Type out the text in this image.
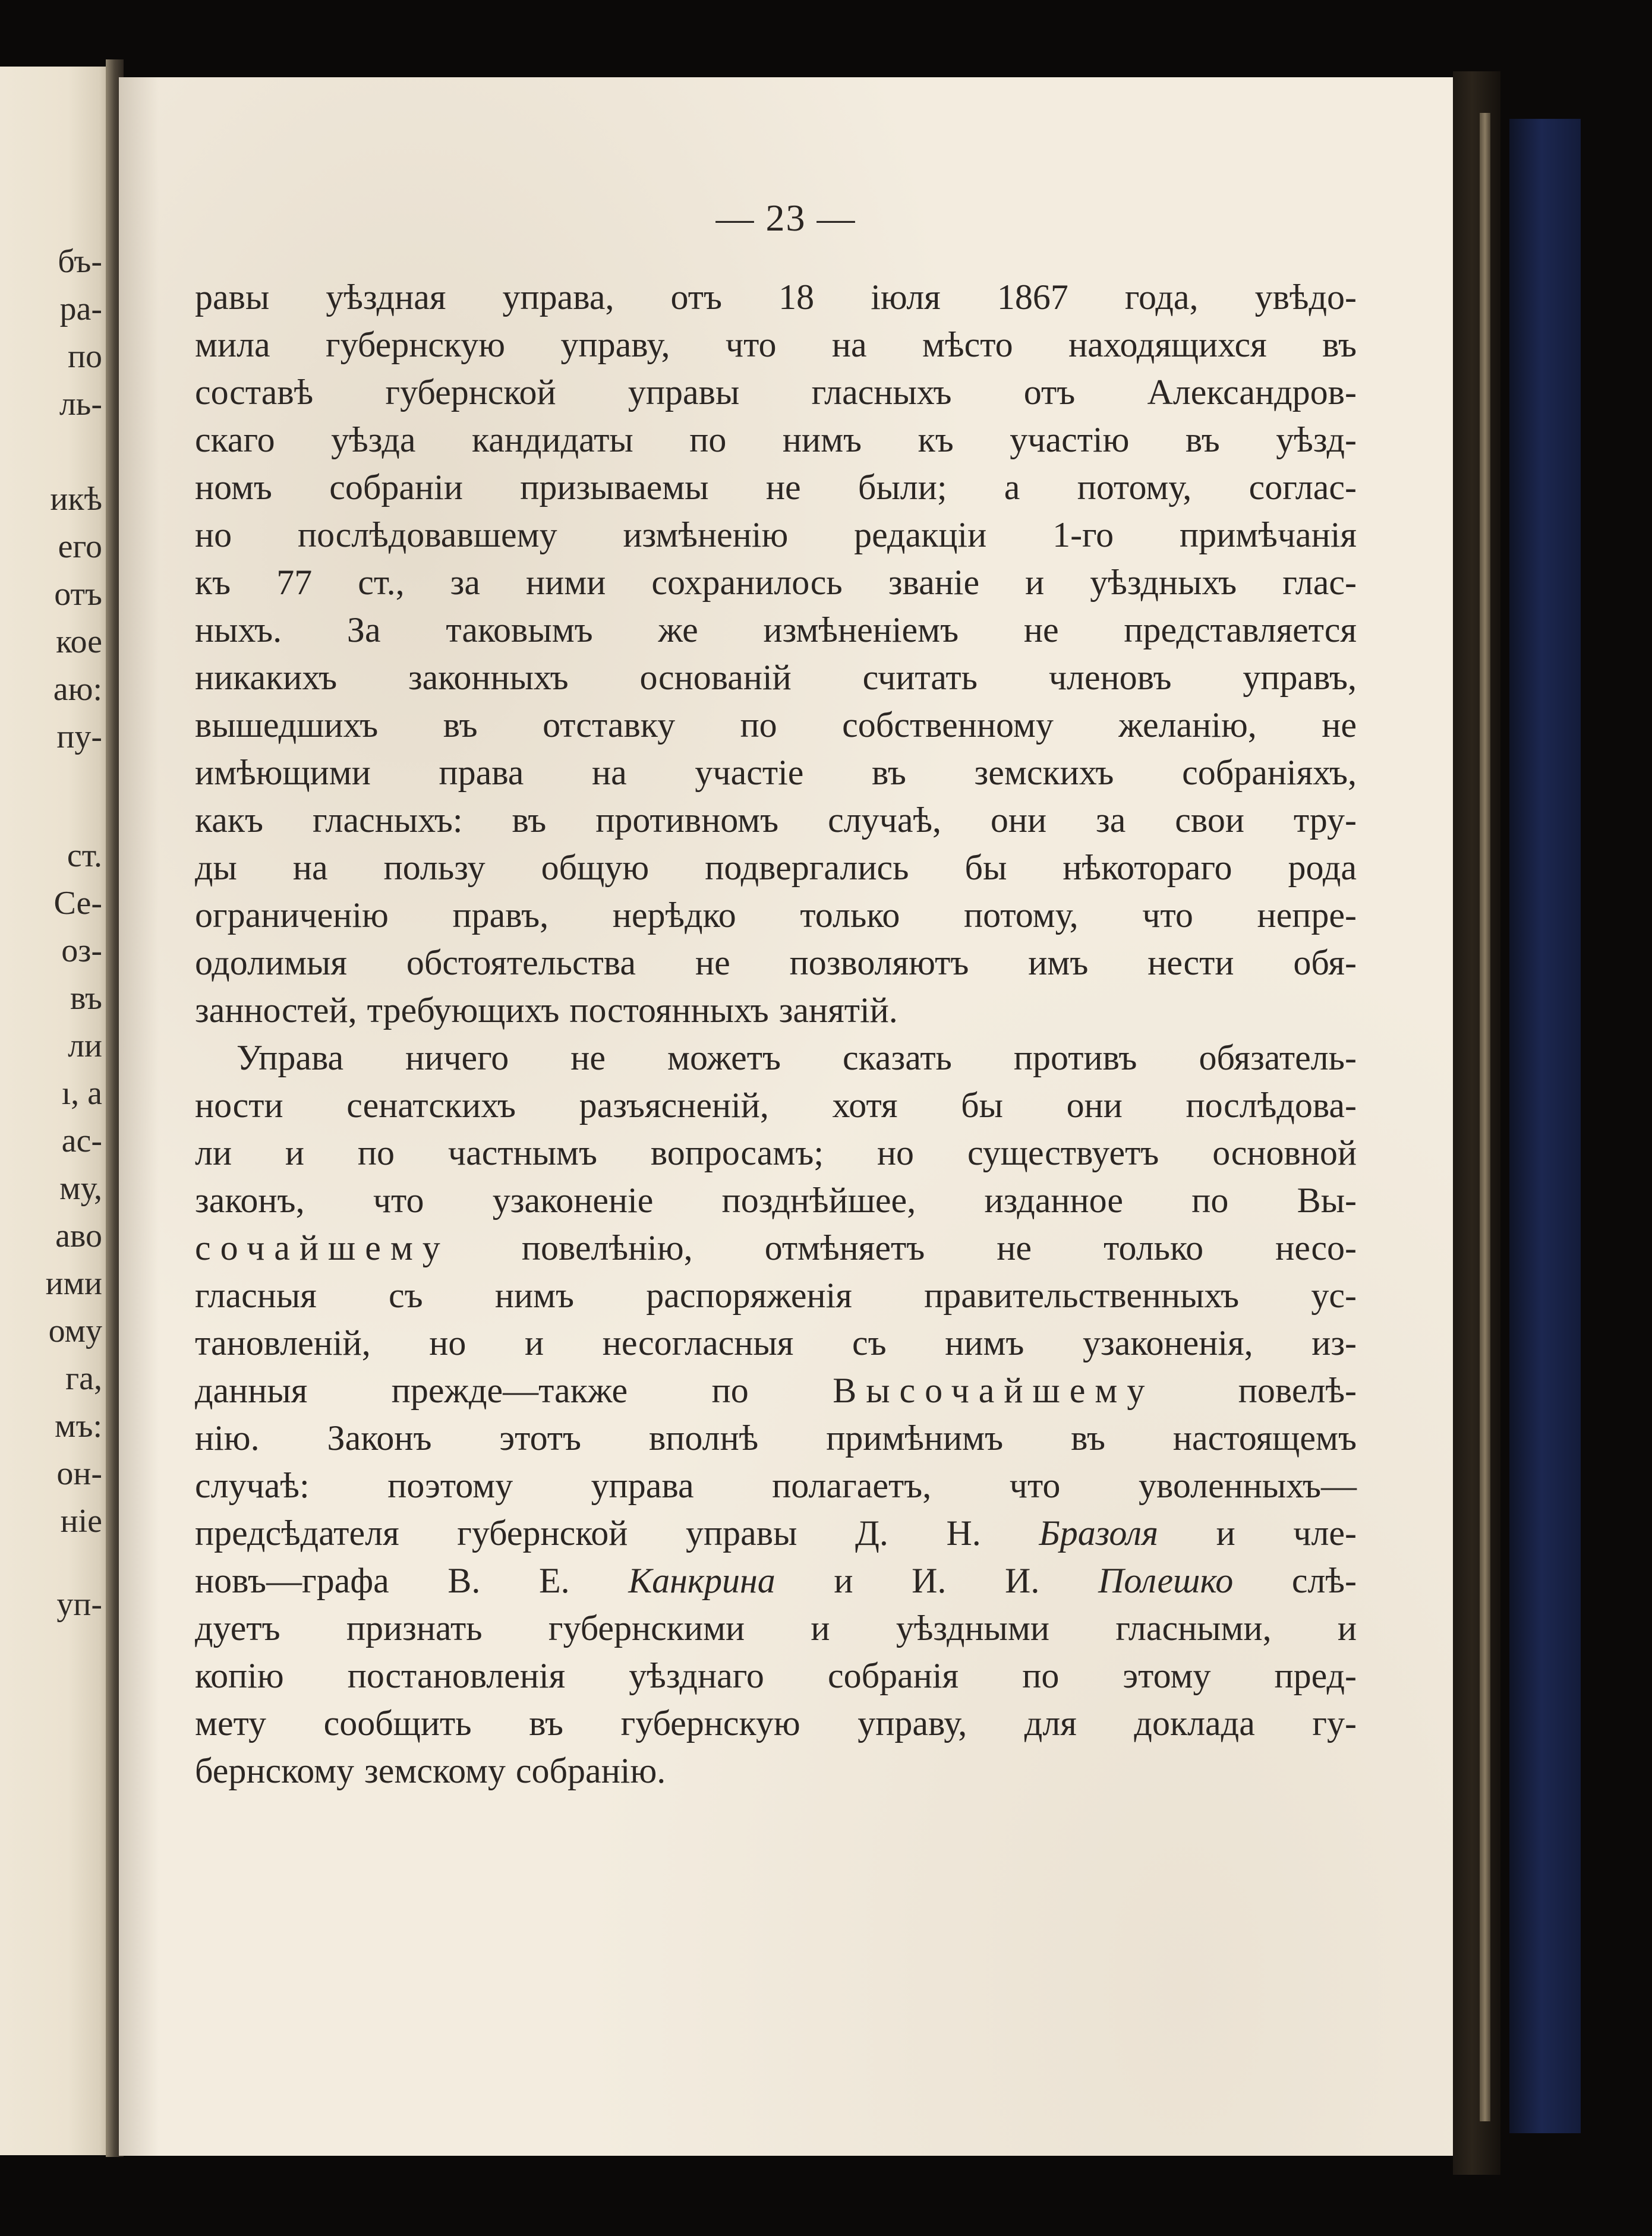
бъ-
ра-
по
ль-
икѣ
его
отъ
кое
аю:
пу-
ст.
Се-
оз-
въ
ли
ı, а
ас-
му,
аво
ими
ому
га,
мъ:
он-
ніе
уп-
— 23 —
равы уѣздная управа, отъ 18 іюля 1867 года, увѣдо-
мила губернскую управу, что на мѣсто находящихся въ
составѣ губернской управы гласныхъ отъ Александров-
скаго уѣзда кандидаты по нимъ къ участію въ уѣзд-
номъ собраніи призываемы не были; а потому, соглас-
но послѣдовавшему измѣненію редакціи 1-го примѣчанія
къ 77 ст., за ними сохранилось званіе и уѣздныхъ глас-
ныхъ. За таковымъ же измѣненіемъ не представляется
никакихъ законныхъ основаній считать членовъ управъ,
вышедшихъ въ отставку по собственному желанію, не
имѣющими права на участіе въ земскихъ собраніяхъ,
какъ гласныхъ: въ противномъ случаѣ, они за свои тру-
ды на пользу общую подвергались бы нѣкотораго рода
ограниченію правъ, нерѣдко только потому, что непре-
одолимыя обстоятельства не позволяютъ имъ нести обя-
занностей, требующихъ постоянныхъ занятій.
Управа ничего не можетъ сказать противъ обязатель-
ности сенатскихъ разъясненій, хотя бы они послѣдова-
ли и по частнымъ вопросамъ; но существуетъ основной
законъ, что узаконеніе позднѣйшее, изданное по Вы-
сочайшему повелѣнію, отмѣняетъ не только несо-
гласныя съ нимъ распоряженія правительственныхъ ус-
тановленій, но и несогласныя съ нимъ узаконенія, из-
данныя прежде—также по Высочайшему повелѣ-
нію. Законъ этотъ вполнѣ примѣнимъ въ настоящемъ
случаѣ: поэтому управа полагаетъ, что уволенныхъ—
предсѣдателя губернской управы Д. Н. Бразоля и чле-
новъ—графа В. Е. Канкрина и И. И. Полешко слѣ-
дуетъ признать губернскими и уѣздными гласными, и
копію постановленія уѣзднаго собранія по этому пред-
мету сообщить въ губернскую управу, для доклада гу-
бернскому земскому собранію.
